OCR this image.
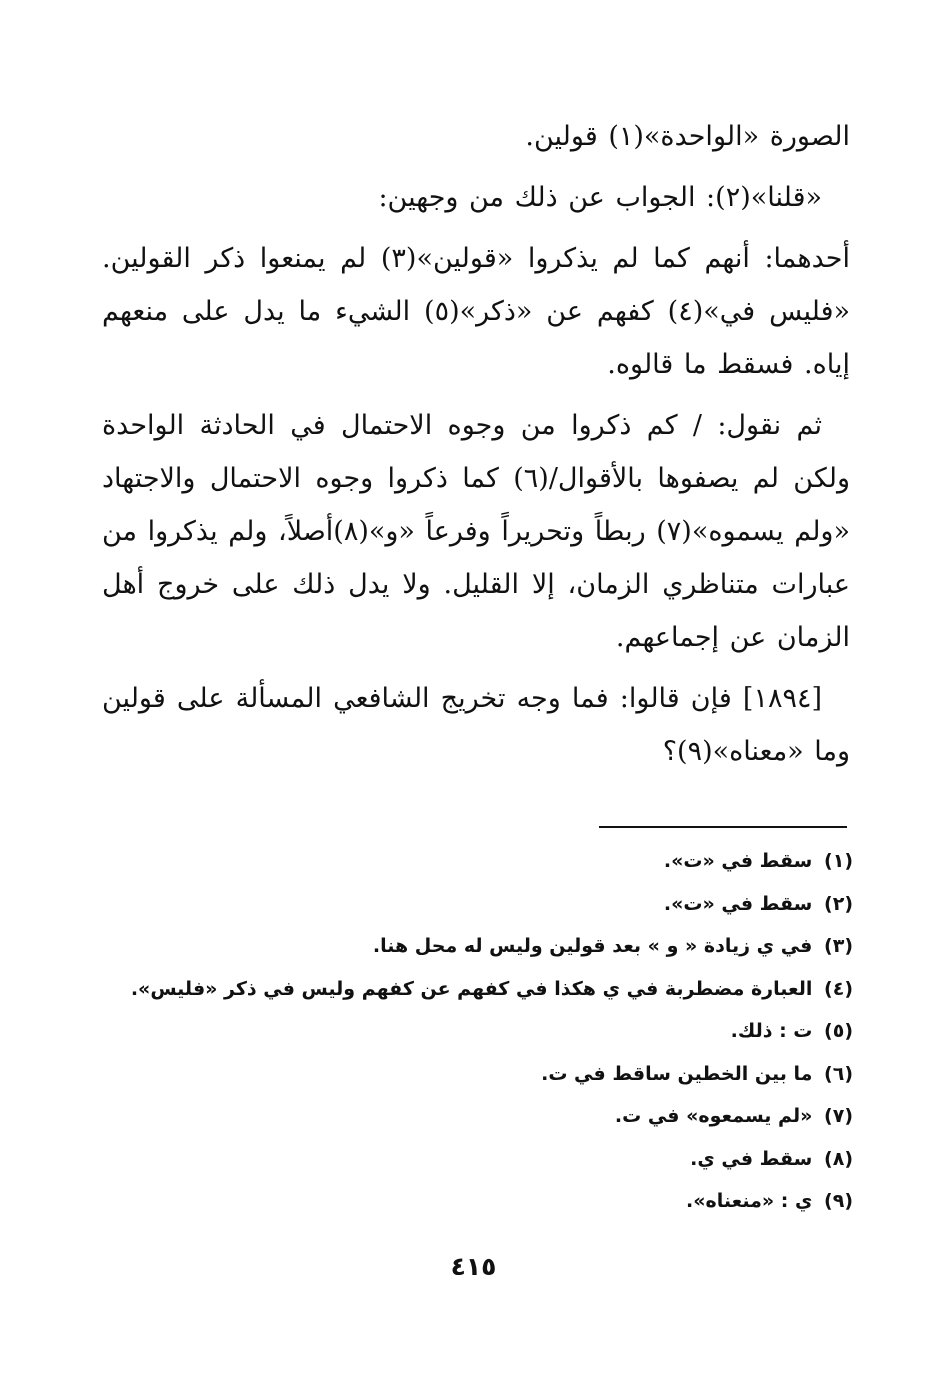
الصورة «الواحدة»(١) قولين.

«قلنا»(٢): الجواب عن ذلك من وجهين:

أحدهما: أنهم كما لم يذكروا «قولين»(٣) لم يمنعوا ذكر القولين. «فليس في»(٤) كفهم عن «ذكر»(٥) الشيء ما يدل على منعهم إياه. فسقط ما قالوه.

ثم نقول: / كم ذكروا من وجوه الاحتمال في الحادثة الواحدة ولكن لم يصفوها بالأقوال/(٦) كما ذكروا وجوه الاحتمال والاجتهاد «ولم يسموه»(٧) ربطاً وتحريراً وفرعاً «و»(٨)أصلاً، ولم يذكروا من عبارات متناظري الزمان، إلا القليل. ولا يدل ذلك على خروج أهل الزمان عن إجماعهم.

[١٨٩٤] فإن قالوا: فما وجه تخريج الشافعي المسألة على قولين وما «معناه»(٩)؟

(١) سقط في «ت».
(٢) سقط في «ت».
(٣) في ي زيادة « و » بعد قولين وليس له محل هنا.
(٤) العبارة مضطربة في ي هكذا في كفهم عن كفهم وليس في ذكر «فليس».
(٥) ت : ذلك.
(٦) ما بين الخطين ساقط في ت.
(٧) «لم يسمعوه» في ت.
(٨) سقط في ي.
(٩) ي : «منعناه».
٤١٥
